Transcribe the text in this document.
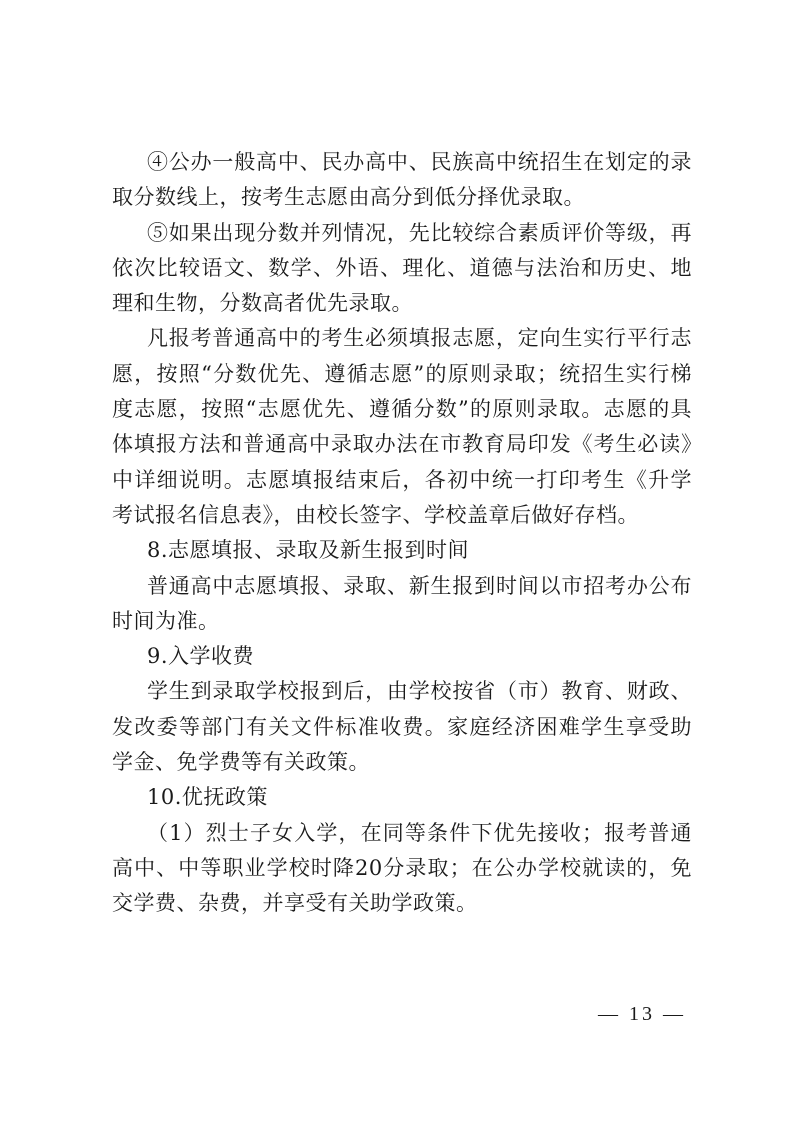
④公办一般高中、民办高中、民族高中统招生在划定的录取分数线上，按考生志愿由高分到低分择优录取。

⑤如果出现分数并列情况，先比较综合素质评价等级，再依次比较语文、数学、外语、理化、道德与法治和历史、地理和生物，分数高者优先录取。

凡报考普通高中的考生必须填报志愿，定向生实行平行志愿，按照“分数优先、遵循志愿”的原则录取；统招生实行梯度志愿，按照“志愿优先、遵循分数”的原则录取。志愿的具体填报方法和普通高中录取办法在市教育局印发《考生必读》中详细说明。志愿填报结束后，各初中统一打印考生《升学考试报名信息表》，由校长签字、学校盖章后做好存档。

8.志愿填报、录取及新生报到时间

普通高中志愿填报、录取、新生报到时间以市招考办公布时间为准。

9.入学收费

学生到录取学校报到后，由学校按省（市）教育、财政、发改委等部门有关文件标准收费。家庭经济困难学生享受助学金、免学费等有关政策。

10.优抚政策

（1）烈士子女入学，在同等条件下优先接收；报考普通高中、中等职业学校时降20分录取；在公办学校就读的，免交学费、杂费，并享受有关助学政策。

— 13 —
